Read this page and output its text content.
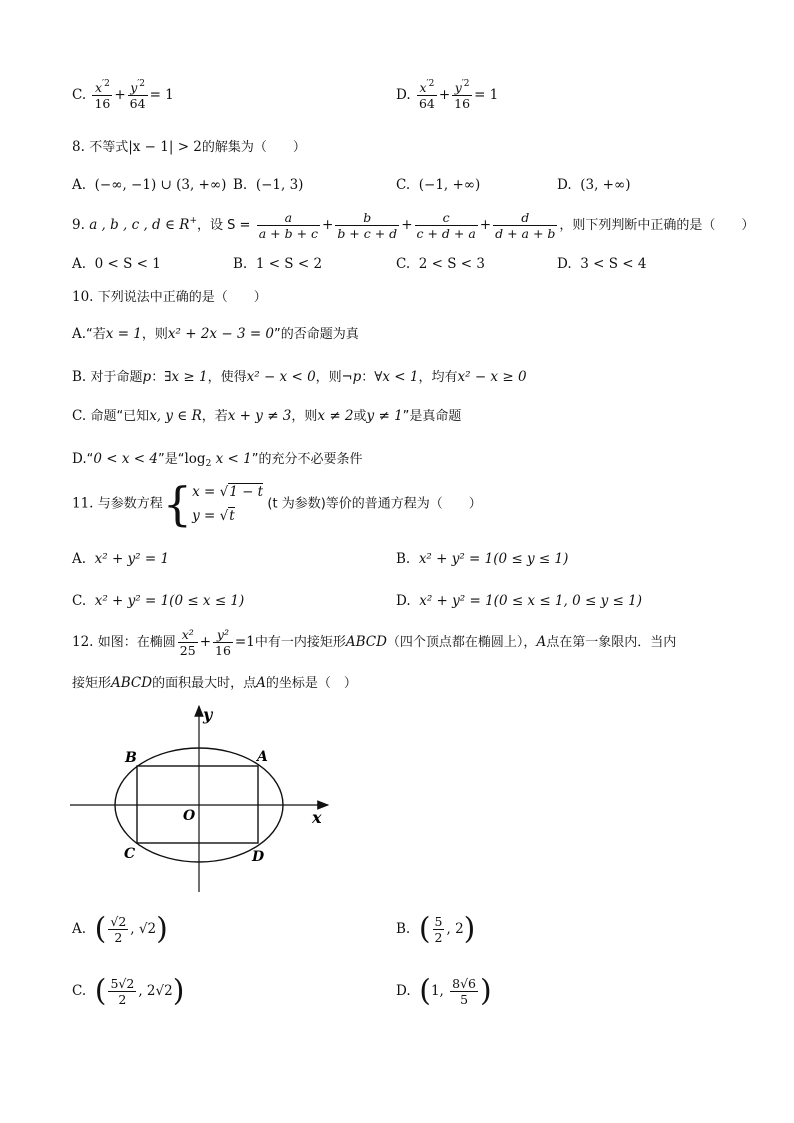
C. $\frac{x^{'2}}{16} + \frac{y^{'2}}{64} = 1$	D. $\frac{x^{'2}}{64} + \frac{y^{'2}}{16} = 1$
8. 不等式|x − 1| > 2的解集为（　　）
A. (−∞, −1) ∪ (3, +∞) B. (−1, 3)	C. (−1, +∞)	D. (3, +∞)
9. a , b , c , d ∈ R+，设 $S = \frac{a}{a + b + c} + \frac{b}{b + c + d} + \frac{c}{c + d + a} + \frac{d}{d + a + b}$ ，则下列判断中正确的是（　　）
A. 0 < S < 1	B. 1 < S < 2	C. 2 < S < 3	D. 3 < S < 4
10. 下列说法中正确的是（　　）
A.“若x = 1，则x² + 2x − 3 = 0”的否命题为真
B. 对于命题p：∃x ≥ 1，使得x² − x < 0，则¬p：∀x < 1，均有x² − x ≥ 0
C. 命题“已知x, y ∈ R，若x + y ≠ 3，则x ≠ 2或y ≠ 1”是真命题
D.“0 < x < 4”是“$\log_2$ x < 1”的充分不必要条件
11. 与参数方程{ x = √1 − t
y = √t
(t 为参数)等价的普通方程为（　　）
A. x² + y² = 1	B. x² + y² = 1(0 ≤ y ≤ 1)
C. x² + y² = 1(0 ≤ x ≤ 1)	D. x² + y² = 1(0 ≤ x ≤ 1, 0 ≤ y ≤ 1)
12. 如图：在椭圆 $\frac{\text{x²}}{25} + \frac{\text{y²}}{16} =1$中有一内接矩形ABCD（四个顶点都在椭圆上），A点在第一象限内．当内
接矩形ABCD的面积最大时，点A的坐标是（　）
y
x
O
A
B
C	D
A. ( $\frac{√2}{2}$ , √2)	B. ( $\frac{5}{2}$ , 2)
C. ( $\frac{5√2}{2}$ , 2√2)	D. (1, $\frac{8√6}{5}$ )
